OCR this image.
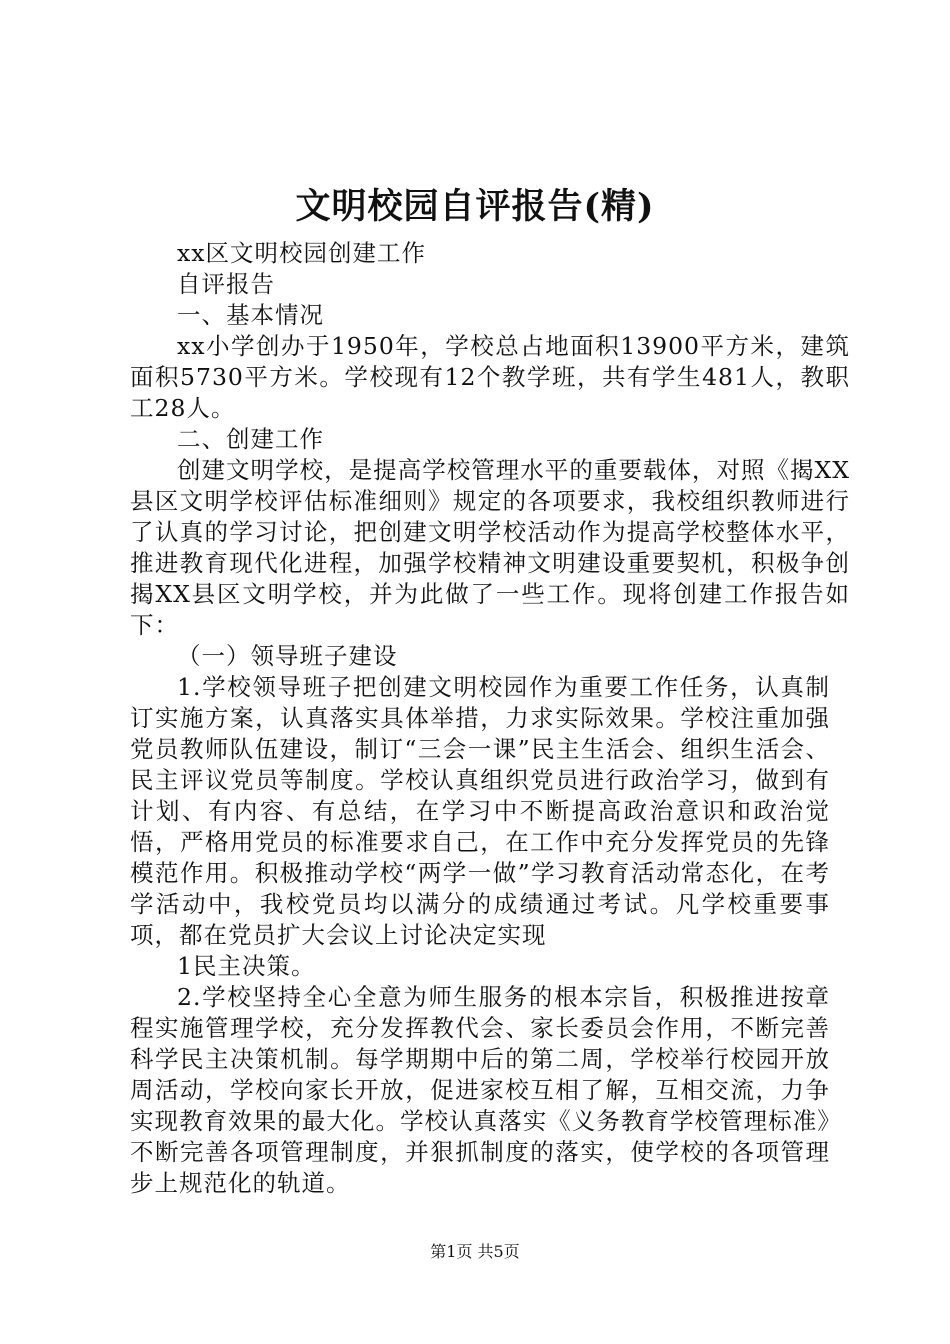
文明校园自评报告(精)

xx区文明校园创建工作

自评报告

一、基本情况

xx小学创办于1950年，学校总占地面积13900平方米，建筑面积5730平方米。学校现有12个教学班，共有学生481人，教职工28人。

二、创建工作

创建文明学校，是提高学校管理水平的重要载体，对照《揭XX县区文明学校评估标准细则》规定的各项要求，我校组织教师进行了认真的学习讨论，把创建文明学校活动作为提高学校整体水平，推进教育现代化进程，加强学校精神文明建设重要契机，积极争创揭XX县区文明学校，并为此做了一些工作。现将创建工作报告如下：

（一）领导班子建设

1.学校领导班子把创建文明校园作为重要工作任务，认真制订实施方案，认真落实具体举措，力求实际效果。学校注重加强党员教师队伍建设，制订“三会一课”民主生活会、组织生活会、民主评议党员等制度。学校认真组织党员进行政治学习，做到有计划、有内容、有总结，在学习中不断提高政治意识和政治觉悟，严格用党员的标准要求自己，在工作中充分发挥党员的先锋模范作用。积极推动学校“两学一做”学习教育活动常态化，在考学活动中，我校党员均以满分的成绩通过考试。凡学校重要事项，都在党员扩大会议上讨论决定实现

1民主决策。

2.学校坚持全心全意为师生服务的根本宗旨，积极推进按章程实施管理学校，充分发挥教代会、家长委员会作用，不断完善科学民主决策机制。每学期期中后的第二周，学校举行校园开放周活动，学校向家长开放，促进家校互相了解，互相交流，力争实现教育效果的最大化。学校认真落实《义务教育学校管理标准》不断完善各项管理制度，并狠抓制度的落实，使学校的各项管理步上规范化的轨道。

第1页 共5页
